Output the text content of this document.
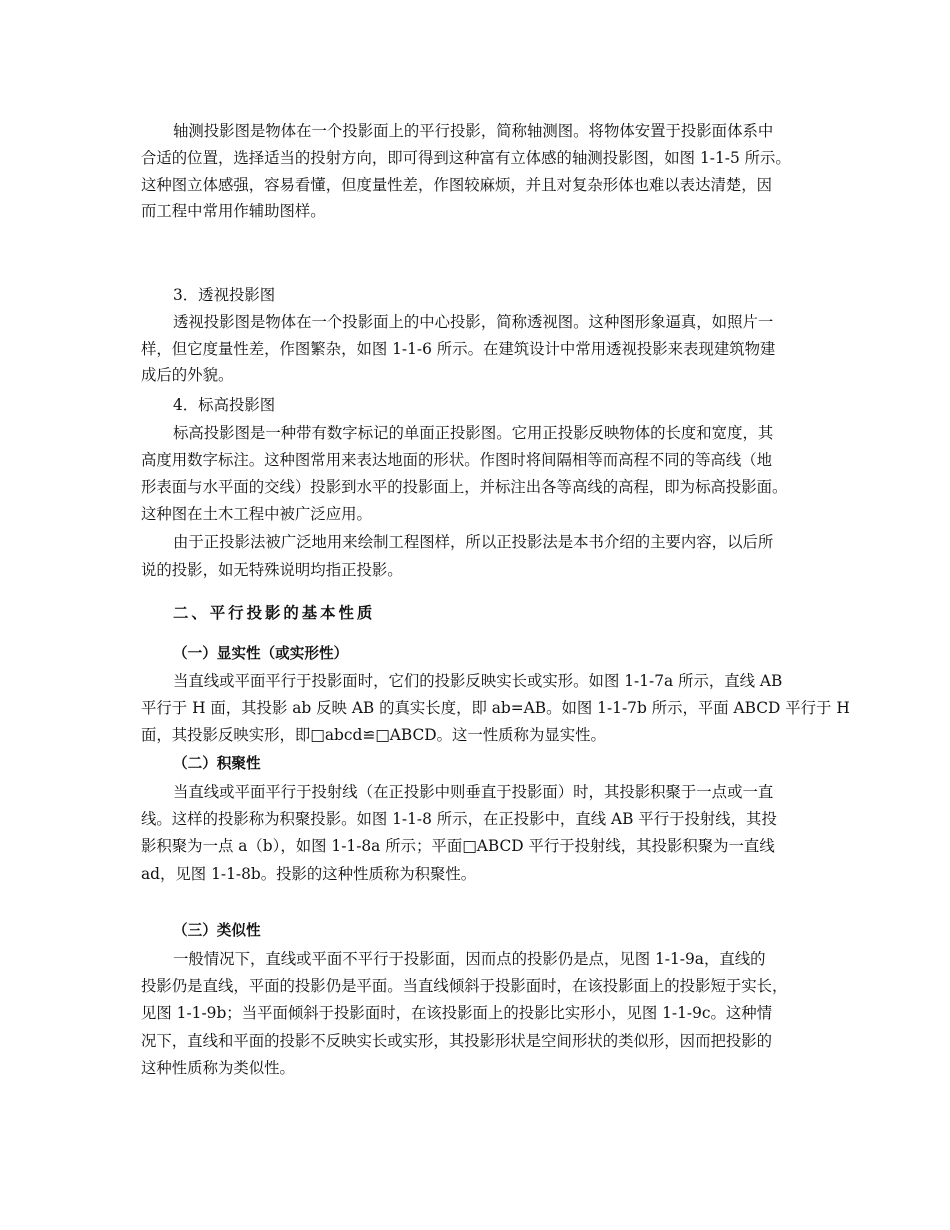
轴测投影图是物体在一个投影面上的平行投影，简称轴测图。将物体安置于投影面体系中
合适的位置，选择适当的投射方向，即可得到这种富有立体感的轴测投影图，如图 1-1-5 所示。
这种图立体感强，容易看懂，但度量性差，作图较麻烦，并且对复杂形体也难以表达清楚，因
而工程中常用作辅助图样。
3．透视投影图
透视投影图是物体在一个投影面上的中心投影，简称透视图。这种图形象逼真，如照片一
样，但它度量性差，作图繁杂，如图 1-1-6 所示。在建筑设计中常用透视投影来表现建筑物建
成后的外貌。
4．标高投影图
标高投影图是一种带有数字标记的单面正投影图。它用正投影反映物体的长度和宽度，其
高度用数字标注。这种图常用来表达地面的形状。作图时将间隔相等而高程不同的等高线（地
形表面与水平面的交线）投影到水平的投影面上，并标注出各等高线的高程，即为标高投影面。
这种图在土木工程中被广泛应用。
由于正投影法被广泛地用来绘制工程图样，所以正投影法是本书介绍的主要内容，以后所
说的投影，如无特殊说明均指正投影。
二、平行投影的基本性质
（一）显实性（或实形性）
当直线或平面平行于投影面时，它们的投影反映实长或实形。如图 1-1-7a 所示，直线 AB
平行于 H 面，其投影 ab 反映 AB 的真实长度，即 ab=AB。如图 1-1-7b 所示，平面 ABCD 平行于 H
面，其投影反映实形，即□abcd≌□ABCD。这一性质称为显实性。
（二）积聚性
当直线或平面平行于投射线（在正投影中则垂直于投影面）时，其投影积聚于一点或一直
线。这样的投影称为积聚投影。如图 1-1-8 所示，在正投影中，直线 AB 平行于投射线，其投
影积聚为一点 a（b），如图 1-1-8a 所示；平面□ABCD 平行于投射线，其投影积聚为一直线
ad，见图 1-1-8b。投影的这种性质称为积聚性。
（三）类似性
一般情况下，直线或平面不平行于投影面，因而点的投影仍是点，见图 1-1-9a，直线的
投影仍是直线，平面的投影仍是平面。当直线倾斜于投影面时，在该投影面上的投影短于实长，
见图 1-1-9b；当平面倾斜于投影面时，在该投影面上的投影比实形小，见图 1-1-9c。这种情
况下，直线和平面的投影不反映实长或实形，其投影形状是空间形状的类似形，因而把投影的
这种性质称为类似性。
